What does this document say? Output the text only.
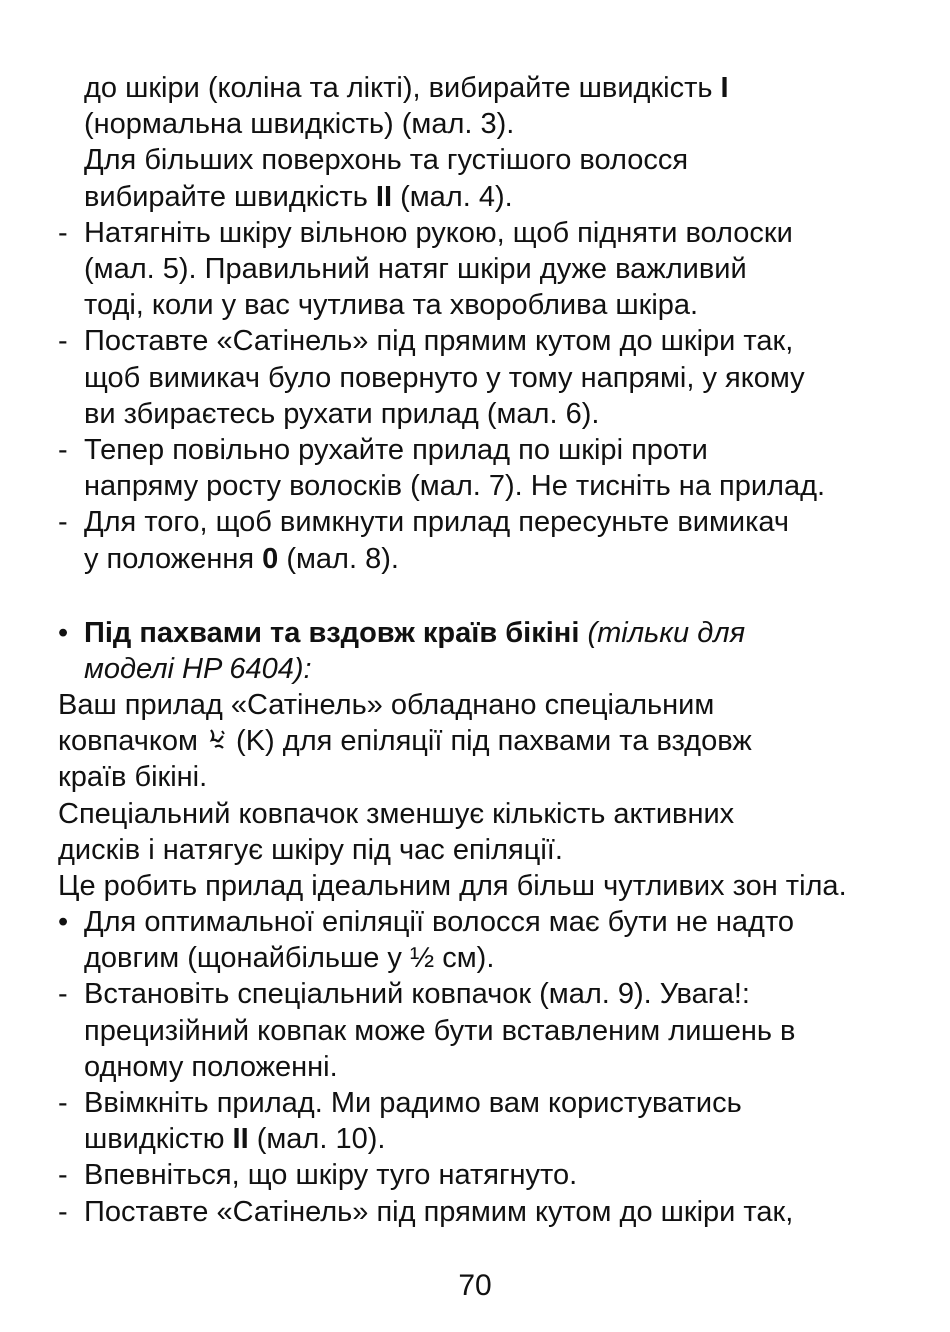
до шкіри (коліна та лікті), вибирайте швидкість I
(нормальна швидкість) (мал. 3).
Для більших поверхонь та густішого волосся
вибирайте швидкість II (мал. 4).
- Натягніть шкіру вільною рукою, щоб підняти волоски
(мал. 5). Правильний натяг шкіри дуже важливий
тоді, коли у вас чутлива та хвороблива шкіра.
- Поставте «Сатінель» під прямим кутом до шкіри так,
щоб вимикач було повернуто у тому напрямі, у якому
ви збираєтесь рухати прилад (мал. 6).
- Тепер повільно рухайте прилад по шкірі проти
напряму росту волосків (мал. 7). Не тисніть на прилад.
- Для того, щоб вимкнути прилад пересуньте вимикач
у положення 0 (мал. 8).
• Під пахвами та вздовж країв бікіні (тільки для
моделі HP 6404):
Ваш прилад «Сатінель» обладнано спеціальним
ковпачком  (K) для епіляції під пахвами та вздовж
країв бікіні.
Спеціальний ковпачок зменшує кількість активних
дисків і натягує шкіру під час епіляції.
Це робить прилад ідеальним для більш чутливих зон тіла.
• Для оптимальної епіляції волосся має бути не надто
довгим (щонайбільше у ½ см).
- Встановіть спеціальний ковпачок (мал. 9). Увага!:
прецизійний ковпак може бути вставленим лишень в
одному положенні.
- Ввімкніть прилад. Ми радимо вам користуватись
швидкістю II (мал. 10).
- Впевніться, що шкіру туго натягнуто.
- Поставте «Сатінель» під прямим кутом до шкіри так,
70
